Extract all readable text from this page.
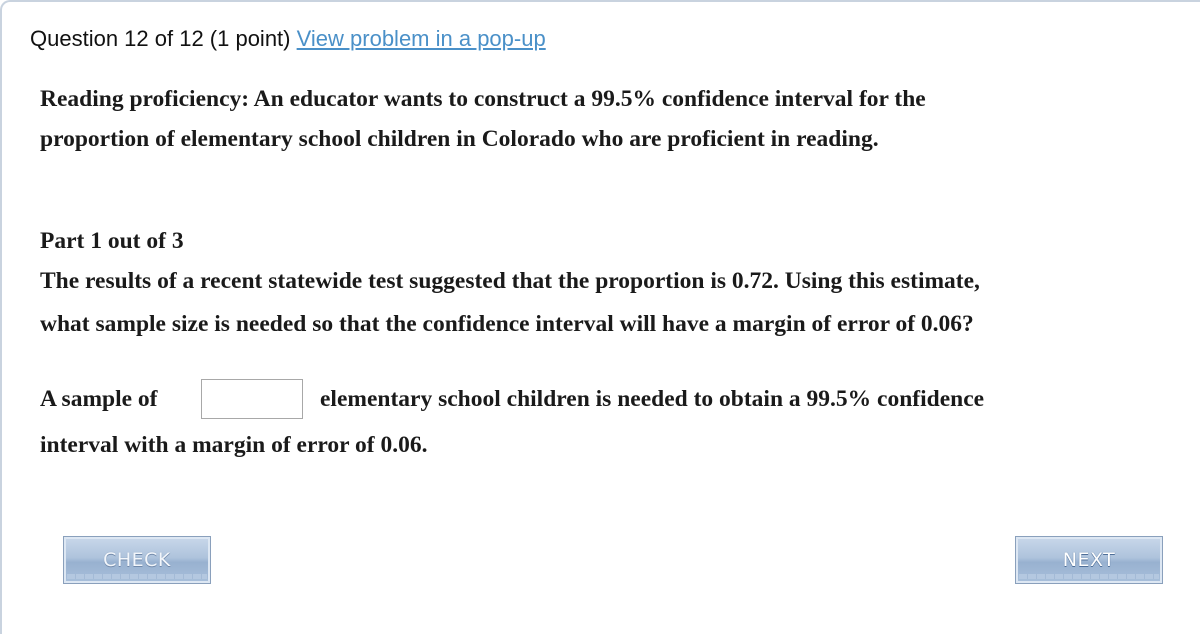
Question 12 of 12 (1 point) View problem in a pop-up
Reading proficiency: An educator wants to construct a 99.5% confidence interval for the
proportion of elementary school children in Colorado who are proficient in reading.
Part 1 out of 3
The results of a recent statewide test suggested that the proportion is 0.72. Using this estimate,
what sample size is needed so that the confidence interval will have a margin of error of 0.06?
A sample of	elementary school children is needed to obtain a 99.5% confidence
interval with a margin of error of 0.06.
CHECK	NEXT
